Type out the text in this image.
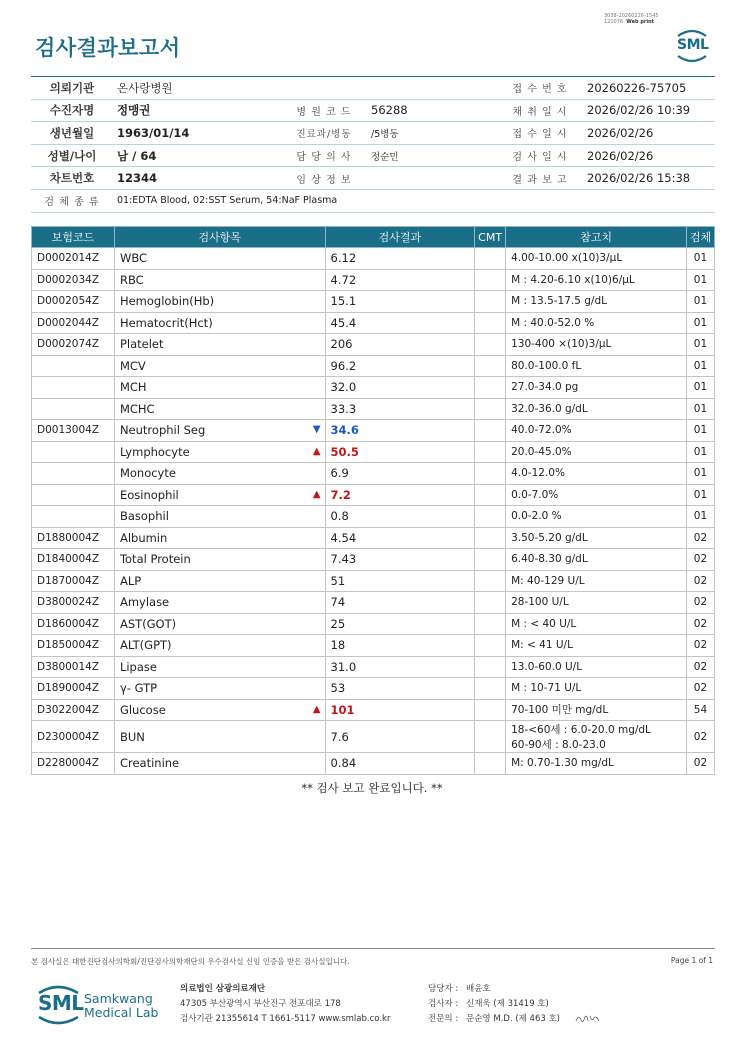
3038-20260226-1545
121076 Web print
검사결과보고서	SML
의뢰기관	온사랑병원			접 수 번 호	20260226-75705
수진자명	정맹권	병 원 코 드	56288	채 취 일 시	2026/02/26 10:39
생년월일	1963/01/14	진료과/병동	/5병동	접 수 일 시	2026/02/26
성별/나이	남 / 64	담 당 의 사	정순민	검 사 일 시	2026/02/26
차트번호	12344	임 상 정 보		결 과 보 고	2026/02/26 15:38
검 체 종 류	01:EDTA Blood, 02:SST Serum, 54:NaF Plasma				
보험코드	검사항목	검사결과	CMT	참고치	검체
D0002014Z	WBC	6.12		4.00-10.00 x(10)3/μL	01
D0002034Z	RBC	4.72		M : 4.20-6.10 x(10)6/μL	01
D0002054Z	Hemoglobin(Hb)	15.1		M : 13.5-17.5 g/dL	01
D0002044Z	Hematocrit(Hct)	45.4		M : 40.0-52.0 %	01
D0002074Z	Platelet	206		130-400 ×(10)3/μL	01
	MCV	96.2		80.0-100.0 fL	01
	MCH	32.0		27.0-34.0 pg	01
	MCHC	33.3		32.0-36.0 g/dL	01
D0013004Z	Neutrophil Seg ▼	34.6		40.0-72.0%	01
	Lymphocyte ▲	50.5		20.0-45.0%	01
	Monocyte	6.9		4.0-12.0%	01
	Eosinophil ▲	7.2		0.0-7.0%	01
	Basophil	0.8		0.0-2.0 %	01
D1880004Z	Albumin	4.54		3.50-5.20 g/dL	02
D1840004Z	Total Protein	7.43		6.40-8.30 g/dL	02
D1870004Z	ALP	51		M: 40-129 U/L	02
D3800024Z	Amylase	74		28-100 U/L	02
D1860004Z	AST(GOT)	25		M : < 40 U/L	02
D1850004Z	ALT(GPT)	18		M: < 41 U/L	02
D3800014Z	Lipase	31.0		13.0-60.0 U/L	02
D1890004Z	γ- GTP	53		M : 10-71 U/L	02
D3022004Z	Glucose ▲	101		70-100 미만 mg/dL	54
D2300004Z	BUN	7.6		18-<60세 : 6.0-20.0 mg/dL
60-90세 : 8.0-23.0	02
D2280004Z	Creatinine	0.84		M: 0.70-1.30 mg/dL	02
** 검사 보고 완료입니다. **
본 검사실은 대한진단검사의학회/진단검사의학재단의 우수검사실 신임 인증을 받은 검사실입니다.	Page 1 of 1
SML Samkwang
Medical Lab
의료법인 삼광의료재단
47305 부산광역시 부산진구 전포대로 178
검사기관 21355614 T 1661-5117 www.smlab.co.kr
담당자 : 배윤호
검사자 : 신재욱 (제 31419 호)
전문의 : 문순영 M.D. (제 463 호)
